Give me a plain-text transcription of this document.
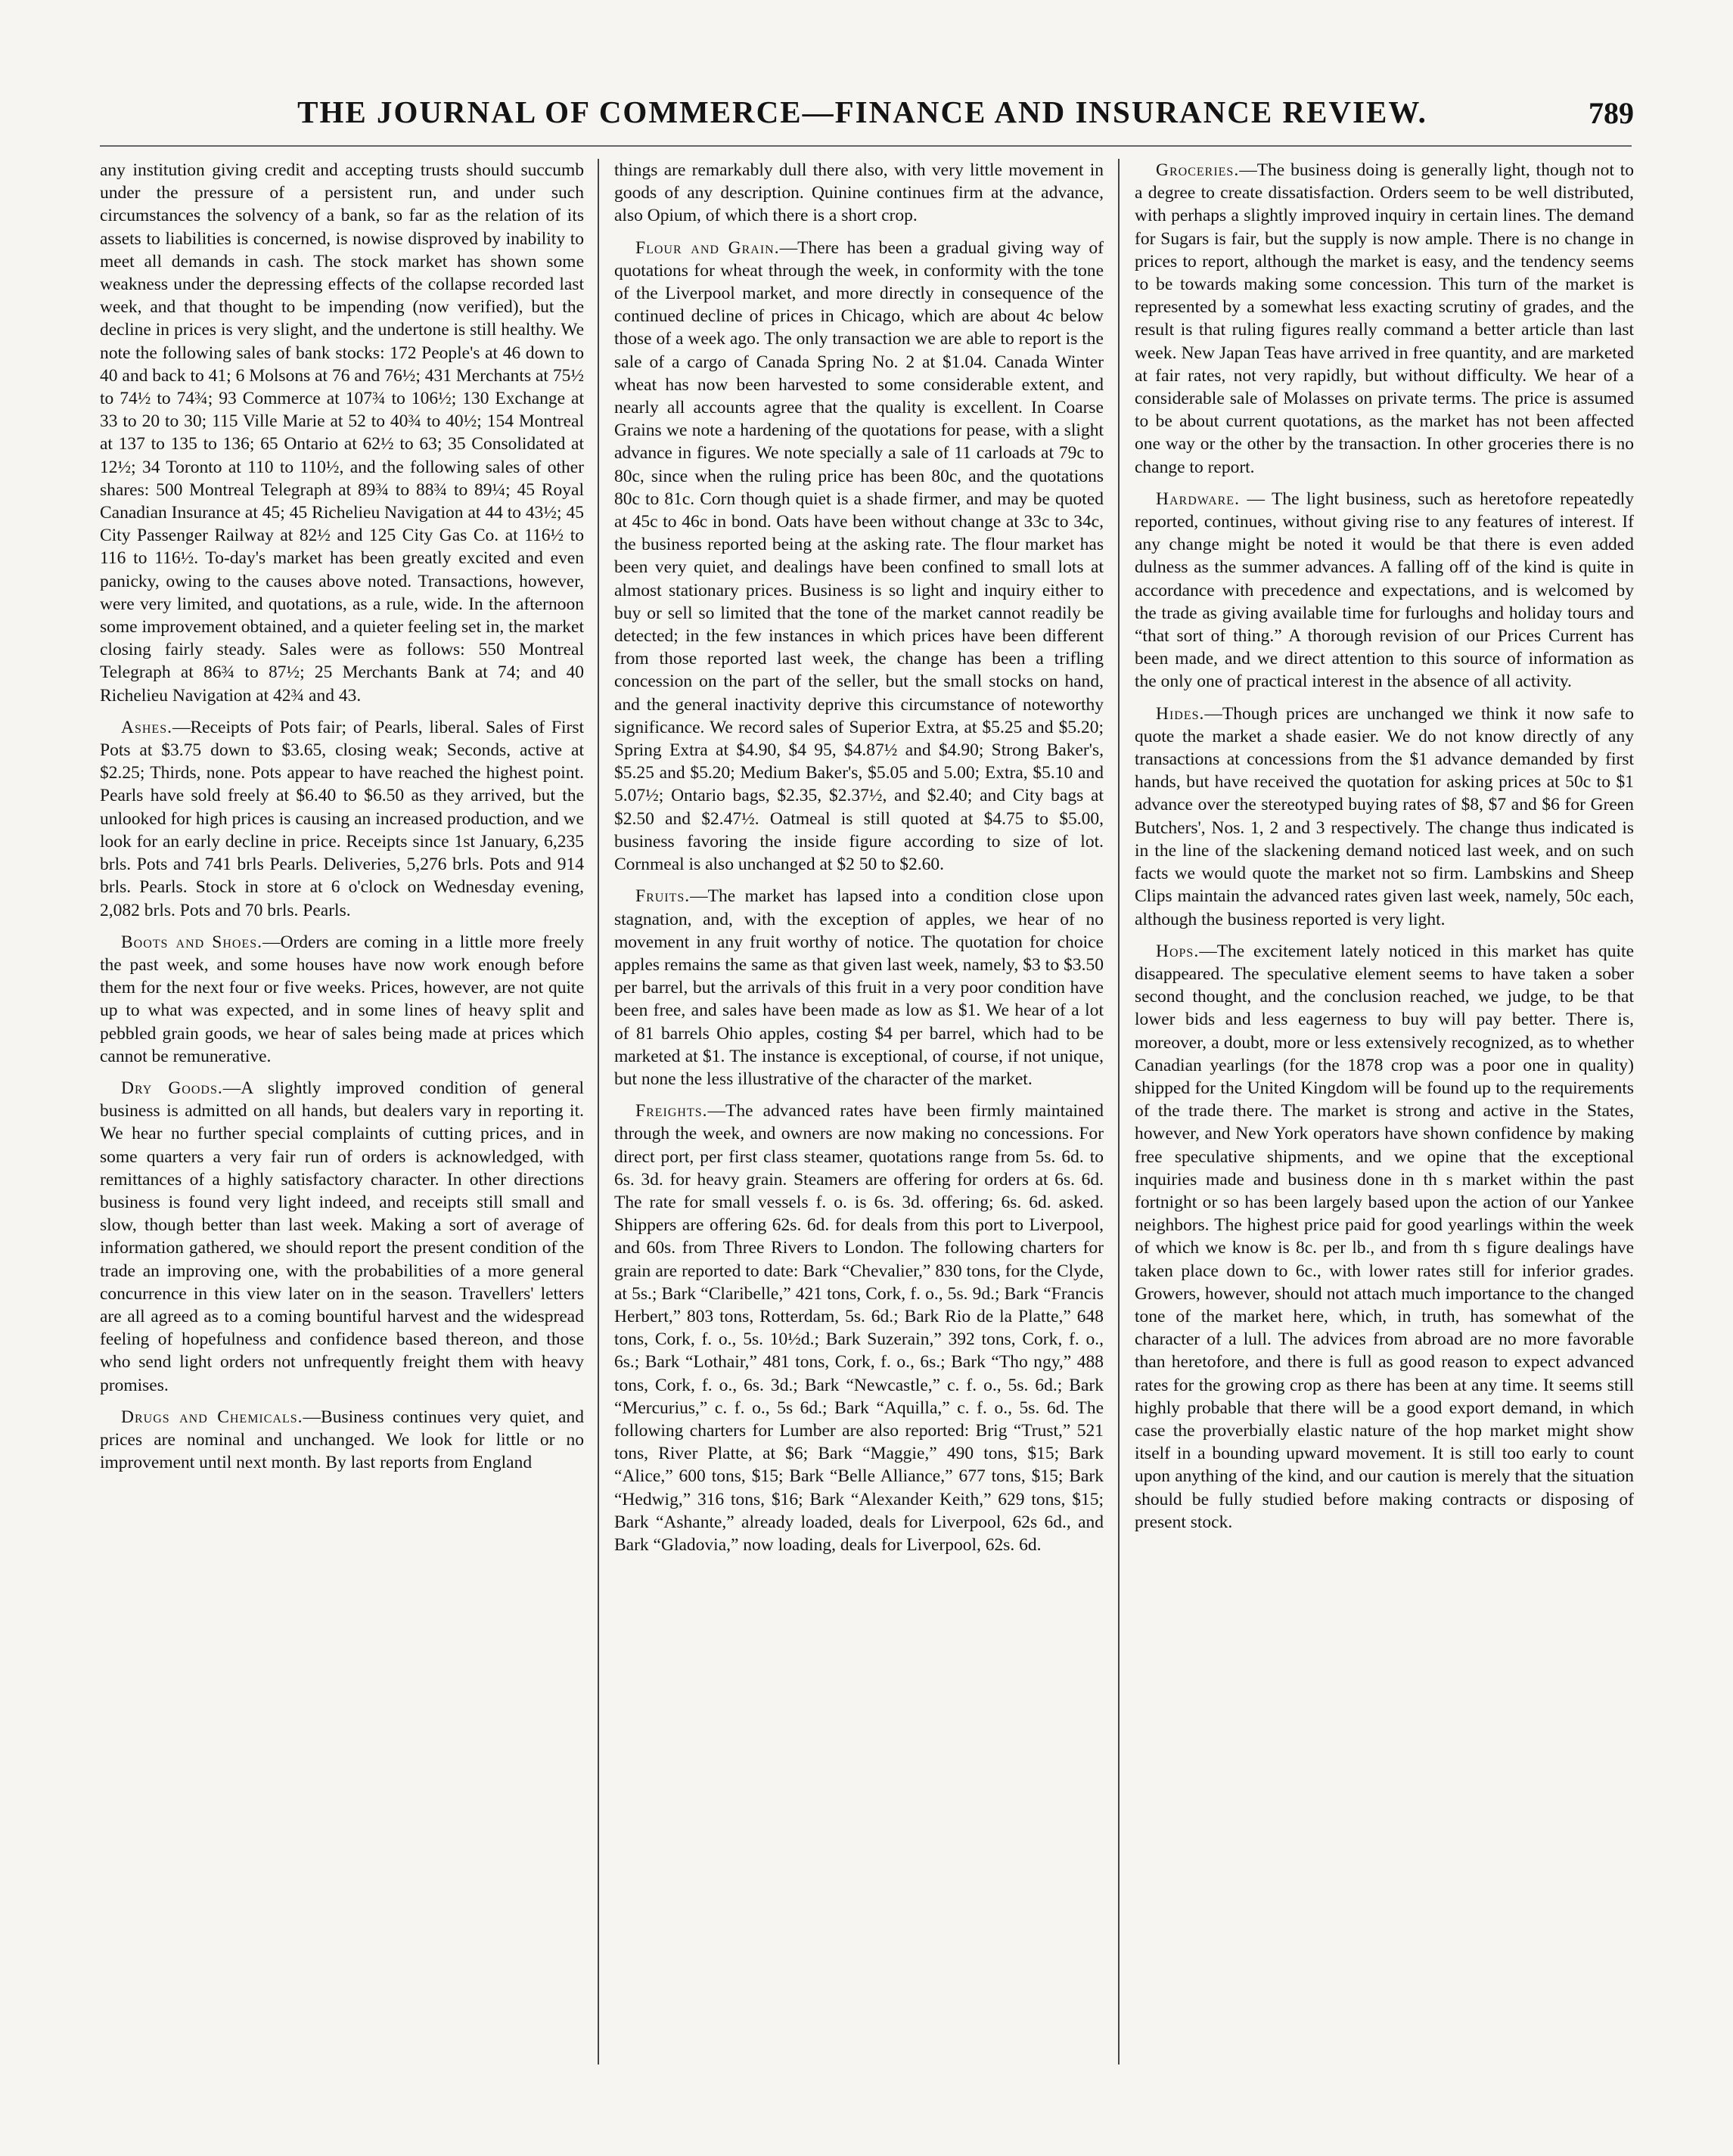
THE JOURNAL OF COMMERCE—FINANCE AND INSURANCE REVIEW.	789

any institution giving credit and accepting trusts should succumb under the pressure of a persistent run, and under such circumstances the solvency of a bank, so far as the relation of its assets to liabilities is concerned, is nowise disproved by inability to meet all demands in cash. The stock market has shown some weakness under the depressing effects of the collapse recorded last week, and that thought to be impending (now verified), but the decline in prices is very slight, and the undertone is still healthy. We note the following sales of bank stocks: 172 People's at 46 down to 40 and back to 41; 6 Molsons at 76 and 76½; 431 Merchants at 75½ to 74½ to 74¾; 93 Commerce at 107¾ to 106½; 130 Exchange at 33 to 20 to 30; 115 Ville Marie at 52 to 40¾ to 40½; 154 Montreal at 137 to 135 to 136; 65 Ontario at 62½ to 63; 35 Consolidated at 12½; 34 Toronto at 110 to 110½, and the following sales of other shares: 500 Montreal Telegraph at 89¾ to 88¾ to 89¼; 45 Royal Canadian Insurance at 45; 45 Richelieu Navigation at 44 to 43½; 45 City Passenger Railway at 82½ and 125 City Gas Co. at 116½ to 116 to 116½. To-day's market has been greatly excited and even panicky, owing to the causes above noted. Transactions, however, were very limited, and quotations, as a rule, wide. In the afternoon some improvement obtained, and a quieter feeling set in, the market closing fairly steady. Sales were as follows: 550 Montreal Telegraph at 86¾ to 87½; 25 Merchants Bank at 74; and 40 Richelieu Navigation at 42¾ and 43.

Ashes.—Receipts of Pots fair; of Pearls, liberal. Sales of First Pots at $3.75 down to $3.65, closing weak; Seconds, active at $2.25; Thirds, none. Pots appear to have reached the highest point. Pearls have sold freely at $6.40 to $6.50 as they arrived, but the unlooked for high prices is causing an increased production, and we look for an early decline in price. Receipts since 1st January, 6,235 brls. Pots and 741 brls Pearls. Deliveries, 5,276 brls. Pots and 914 brls. Pearls. Stock in store at 6 o'clock on Wednesday evening, 2,082 brls. Pots and 70 brls. Pearls.

Boots and Shoes.—Orders are coming in a little more freely the past week, and some houses have now work enough before them for the next four or five weeks. Prices, however, are not quite up to what was expected, and in some lines of heavy split and pebbled grain goods, we hear of sales being made at prices which cannot be remunerative.

Dry Goods.—A slightly improved condition of general business is admitted on all hands, but dealers vary in reporting it. We hear no further special complaints of cutting prices, and in some quarters a very fair run of orders is acknowledged, with remittances of a highly satisfactory character. In other directions business is found very light indeed, and receipts still small and slow, though better than last week. Making a sort of average of information gathered, we should report the present condition of the trade an improving one, with the probabilities of a more general concurrence in this view later on in the season. Travellers' letters are all agreed as to a coming bountiful harvest and the widespread feeling of hopefulness and confidence based thereon, and those who send light orders not unfrequently freight them with heavy promises.

Drugs and Chemicals.—Business continues very quiet, and prices are nominal and unchanged. We look for little or no improvement until next month. By last reports from England

things are remarkably dull there also, with very little movement in goods of any description. Quinine continues firm at the advance, also Opium, of which there is a short crop.

Flour and Grain.—There has been a gradual giving way of quotations for wheat through the week, in conformity with the tone of the Liverpool market, and more directly in consequence of the continued decline of prices in Chicago, which are about 4c below those of a week ago. The only transaction we are able to report is the sale of a cargo of Canada Spring No. 2 at $1.04. Canada Winter wheat has now been harvested to some considerable extent, and nearly all accounts agree that the quality is excellent. In Coarse Grains we note a hardening of the quotations for pease, with a slight advance in figures. We note specially a sale of 11 carloads at 79c to 80c, since when the ruling price has been 80c, and the quotations 80c to 81c. Corn though quiet is a shade firmer, and may be quoted at 45c to 46c in bond. Oats have been without change at 33c to 34c, the business reported being at the asking rate. The flour market has been very quiet, and dealings have been confined to small lots at almost stationary prices. Business is so light and inquiry either to buy or sell so limited that the tone of the market cannot readily be detected; in the few instances in which prices have been different from those reported last week, the change has been a trifling concession on the part of the seller, but the small stocks on hand, and the general inactivity deprive this circumstance of noteworthy significance. We record sales of Superior Extra, at $5.25 and $5.20; Spring Extra at $4.90, $4 95, $4.87½ and $4.90; Strong Baker's, $5.25 and $5.20; Medium Baker's, $5.05 and 5.00; Extra, $5.10 and 5.07½; Ontario bags, $2.35, $2.37½, and $2.40; and City bags at $2.50 and $2.47½. Oatmeal is still quoted at $4.75 to $5.00, business favoring the inside figure according to size of lot. Cornmeal is also unchanged at $2 50 to $2.60.

Fruits.—The market has lapsed into a condition close upon stagnation, and, with the exception of apples, we hear of no movement in any fruit worthy of notice. The quotation for choice apples remains the same as that given last week, namely, $3 to $3.50 per barrel, but the arrivals of this fruit in a very poor condition have been free, and sales have been made as low as $1. We hear of a lot of 81 barrels Ohio apples, costing $4 per barrel, which had to be marketed at $1. The instance is exceptional, of course, if not unique, but none the less illustrative of the character of the market.

Freights.—The advanced rates have been firmly maintained through the week, and owners are now making no concessions. For direct port, per first class steamer, quotations range from 5s. 6d. to 6s. 3d. for heavy grain. Steamers are offering for orders at 6s. 6d. The rate for small vessels f. o. is 6s. 3d. offering; 6s. 6d. asked. Shippers are offering 62s. 6d. for deals from this port to Liverpool, and 60s. from Three Rivers to London. The following charters for grain are reported to date: Bark “Chevalier,” 830 tons, for the Clyde, at 5s.; Bark “Claribelle,” 421 tons, Cork, f. o., 5s. 9d.; Bark “Francis Herbert,” 803 tons, Rotterdam, 5s. 6d.; Bark Rio de la Platte,” 648 tons, Cork, f. o., 5s. 10½d.; Bark Suzerain,” 392 tons, Cork, f. o., 6s.; Bark “Lothair,” 481 tons, Cork, f. o., 6s.; Bark “Tho ngy,” 488 tons, Cork, f. o., 6s. 3d.; Bark “Newcastle,” c. f. o., 5s. 6d.; Bark “Mercurius,” c. f. o., 5s 6d.; Bark “Aquilla,” c. f. o., 5s. 6d. The following charters for Lumber are also reported: Brig “Trust,” 521 tons, River Platte, at $6; Bark “Maggie,” 490 tons, $15; Bark “Alice,” 600 tons, $15; Bark “Belle Alliance,” 677 tons, $15; Bark “Hedwig,” 316 tons, $16; Bark “Alexander Keith,” 629 tons, $15; Bark “Ashante,” already loaded, deals for Liverpool, 62s 6d., and Bark “Gladovia,” now loading, deals for Liverpool, 62s. 6d.

Groceries.—The business doing is generally light, though not to a degree to create dissatisfaction. Orders seem to be well distributed, with perhaps a slightly improved inquiry in certain lines. The demand for Sugars is fair, but the supply is now ample. There is no change in prices to report, although the market is easy, and the tendency seems to be towards making some concession. This turn of the market is represented by a somewhat less exacting scrutiny of grades, and the result is that ruling figures really command a better article than last week. New Japan Teas have arrived in free quantity, and are marketed at fair rates, not very rapidly, but without difficulty. We hear of a considerable sale of Molasses on private terms. The price is assumed to be about current quotations, as the market has not been affected one way or the other by the transaction. In other groceries there is no change to report.

Hardware. — The light business, such as heretofore repeatedly reported, continues, without giving rise to any features of interest. If any change might be noted it would be that there is even added dulness as the summer advances. A falling off of the kind is quite in accordance with precedence and expectations, and is welcomed by the trade as giving available time for furloughs and holiday tours and “that sort of thing.” A thorough revision of our Prices Current has been made, and we direct attention to this source of information as the only one of practical interest in the absence of all activity.

Hides.—Though prices are unchanged we think it now safe to quote the market a shade easier. We do not know directly of any transactions at concessions from the $1 advance demanded by first hands, but have received the quotation for asking prices at 50c to $1 advance over the stereotyped buying rates of $8, $7 and $6 for Green Butchers', Nos. 1, 2 and 3 respectively. The change thus indicated is in the line of the slackening demand noticed last week, and on such facts we would quote the market not so firm. Lambskins and Sheep Clips maintain the advanced rates given last week, namely, 50c each, although the business reported is very light.

Hops.—The excitement lately noticed in this market has quite disappeared. The speculative element seems to have taken a sober second thought, and the conclusion reached, we judge, to be that lower bids and less eagerness to buy will pay better. There is, moreover, a doubt, more or less extensively recognized, as to whether Canadian yearlings (for the 1878 crop was a poor one in quality) shipped for the United Kingdom will be found up to the requirements of the trade there. The market is strong and active in the States, however, and New York operators have shown confidence by making free speculative shipments, and we opine that the exceptional inquiries made and business done in th s market within the past fortnight or so has been largely based upon the action of our Yankee neighbors. The highest price paid for good yearlings within the week of which we know is 8c. per lb., and from th s figure dealings have taken place down to 6c., with lower rates still for inferior grades. Growers, however, should not attach much importance to the changed tone of the market here, which, in truth, has somewhat of the character of a lull. The advices from abroad are no more favorable than heretofore, and there is full as good reason to expect advanced rates for the growing crop as there has been at any time. It seems still highly probable that there will be a good export demand, in which case the proverbially elastic nature of the hop market might show itself in a bounding upward movement. It is still too early to count upon anything of the kind, and our caution is merely that the situation should be fully studied before making contracts or disposing of present stock.
